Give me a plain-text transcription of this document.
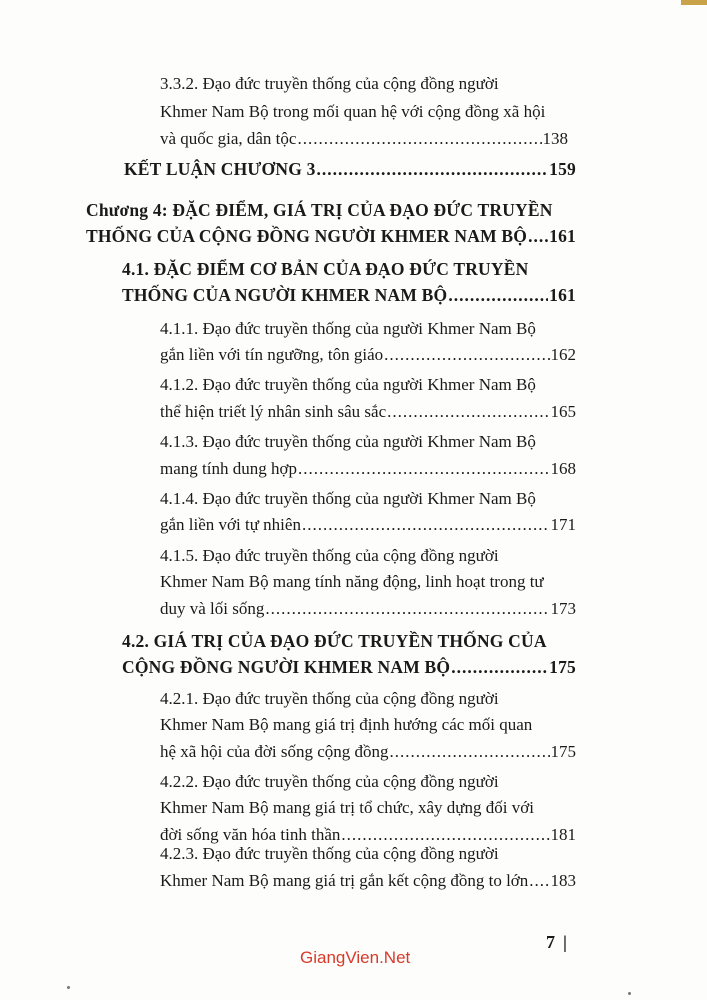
3.3.2. Đạo đức truyền thống của cộng đồng người
Khmer Nam Bộ trong mối quan hệ với cộng đồng xã hội
và quốc gia, dân tộc .....	138
KẾT LUẬN CHƯƠNG 3 .....	159
Chương 4: ĐẶC ĐIỂM, GIÁ TRỊ CỦA ĐẠO ĐỨC TRUYỀN
THỐNG CỦA CỘNG ĐỒNG NGƯỜI KHMER NAM BỘ ..... 161
4.1. ĐẶC ĐIỂM CƠ BẢN CỦA ĐẠO ĐỨC TRUYỀN
THỐNG CỦA NGƯỜI KHMER NAM BỘ .....	161
4.1.1. Đạo đức truyền thống của người Khmer Nam Bộ
gắn liền với tín ngưỡng, tôn giáo .....	162
4.1.2. Đạo đức truyền thống của người Khmer Nam Bộ
thể hiện triết lý nhân sinh sâu sắc .....	165
4.1.3. Đạo đức truyền thống của người Khmer Nam Bộ
mang tính dung hợp .....	168
4.1.4. Đạo đức truyền thống của người Khmer Nam Bộ
gắn liền với tự nhiên .....	171
4.1.5. Đạo đức truyền thống của cộng đồng người
Khmer Nam Bộ mang tính năng động, linh hoạt trong tư
duy và lối sống .....	173
4.2. GIÁ TRỊ CỦA ĐẠO ĐỨC TRUYỀN THỐNG CỦA
CỘNG ĐỒNG NGƯỜI KHMER NAM BỘ .....	175
4.2.1. Đạo đức truyền thống của cộng đồng người
Khmer Nam Bộ mang giá trị định hướng các mối quan
hệ xã hội của đời sống cộng đồng .....	175
4.2.2. Đạo đức truyền thống của cộng đồng người
Khmer Nam Bộ mang giá trị tổ chức, xây dựng đối với
đời sống văn hóa tinh thần .....	181
4.2.3. Đạo đức truyền thống của cộng đồng người
Khmer Nam Bộ mang giá trị gắn kết cộng đồng to lớn ..... 183
7 |
GiangVien.Net
